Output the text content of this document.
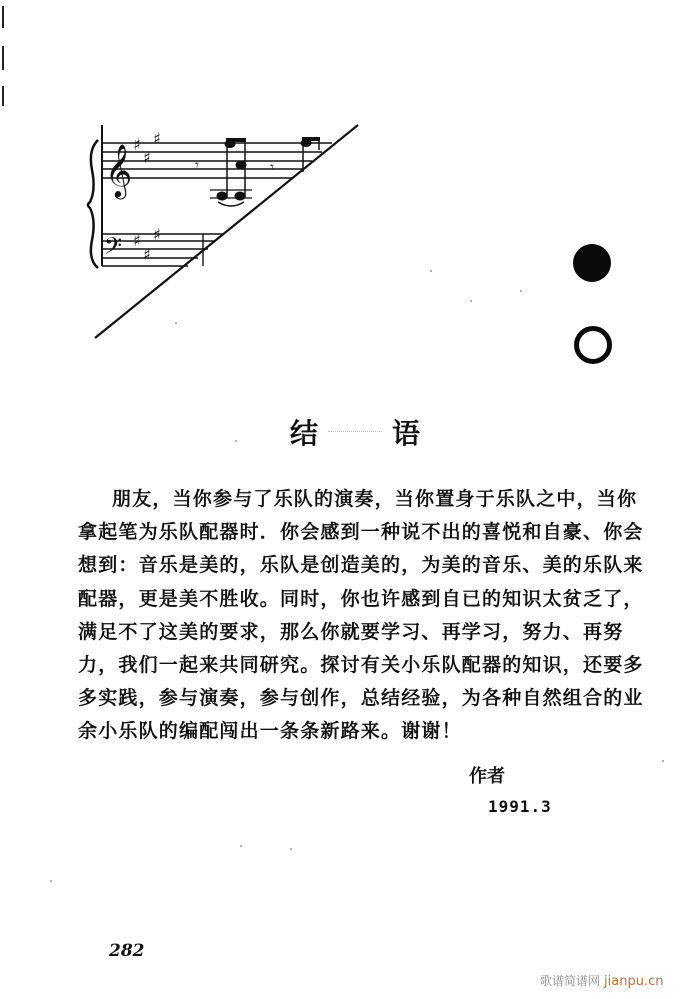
𝄞
𝄢
♯
♯
♯
♯
♯
♯
𝄾	𝄾
结	语
朋友，当你参与了乐队的演奏，当你置身于乐队之中，当你
拿起笔为乐队配器时．你会感到一种说不出的喜悦和自豪、你会
想到：音乐是美的，乐队是创造美的，为美的音乐、美的乐队来
配器，更是美不胜收。同时，你也许感到自已的知识太贫乏了，
满足不了这美的要求，那么你就要学习、再学习，努力、再努
力，我们一起来共同研究。探讨有关小乐队配器的知识，还要多
多实践，参与演奏，参与创作，总结经验，为各种自然组合的业
余小乐队的编配闯出一条条新路来。谢谢！
作者
1991.3
282
歌谱简谱网 jianpu.cn
